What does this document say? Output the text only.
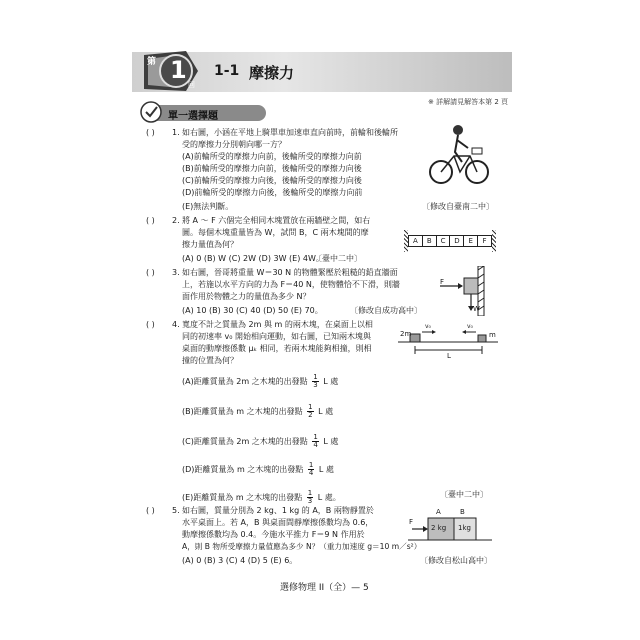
第 1
回
1-1 摩擦力
※ 詳解請見解答本第 2 頁
單一選擇題
( ) 1. 如右圖，小涵在平地上騎單車加速車直向前時，前輪和後輪所
受的摩擦力分別朝向哪一方？
(A)前輪所受的摩擦力向前，後輪所受的摩擦力向前
(B)前輪所受的摩擦力向前，後輪所受的摩擦力向後
(C)前輪所受的摩擦力向後，後輪所受的摩擦力向後
(D)前輪所受的摩擦力向後，後輪所受的摩擦力向前
(E)無法判斷。	〔修改自臺南二中〕
( ) 2. 將 A ～ F 六個完全相同木塊置放在兩牆壁之間，如右
圖。每個木塊重量皆為 W，試問 B，C 兩木塊間的摩
擦力量值為何？
(A) 0 (B) W (C) 2W (D) 3W (E) 4W。
〔臺中二中〕
A	B	C	D	E	F
( ) 3. 如右圖，晉哥將重量 W＝30 N 的物體緊壓於粗糙的鉛直牆面
上，若施以水平方向的力為 F＝40 N，使物體恰不下滑，則牆
面作用於物體之力的量值為多少 N？
(A) 10 (B) 30 (C) 40 (D) 50 (E) 70。	〔修改自成功高中〕
F
W
( ) 4. 寬度不計之質量為 2m 與 m 的兩木塊，在桌面上以相
同的初速率 v₀ 開始相向運動，如右圖，已知兩木塊與
桌面的動摩擦係數 μₖ 相同，若兩木塊能夠相撞，則相
撞的位置為何？
2m	m
v₀	v₀
L
(A)距離質量為 2m 之木塊的出發點 $\frac{1}{3}$ L 處
(B)距離質量為 m 之木塊的出發點 $\frac{1}{2}$ L 處
(C)距離質量為 2m 之木塊的出發點 $\frac{1}{4}$ L 處
(D)距離質量為 m 之木塊的出發點 $\frac{1}{4}$ L 處
(E)距離質量為 m 之木塊的出發點 $\frac{1}{3}$ L 處。	〔臺中二中〕
( ) 5. 如右圖，質量分別為 2 kg、1 kg 的 A，B 兩物靜置於
水平桌面上。若 A，B 與桌面間靜摩擦係數均為 0.6，
動摩擦係數均為 0.4。今施水平推力 F＝9 N 作用於
A，則 B 物所受摩擦力量值應為多少 N？（重力加速度 g＝10 m／s²）
(A) 0 (B) 3 (C) 4 (D) 5 (E) 6。	〔修改自松山高中〕
A	B
F
2 kg 1kg
選修物理 II（全）— 5
